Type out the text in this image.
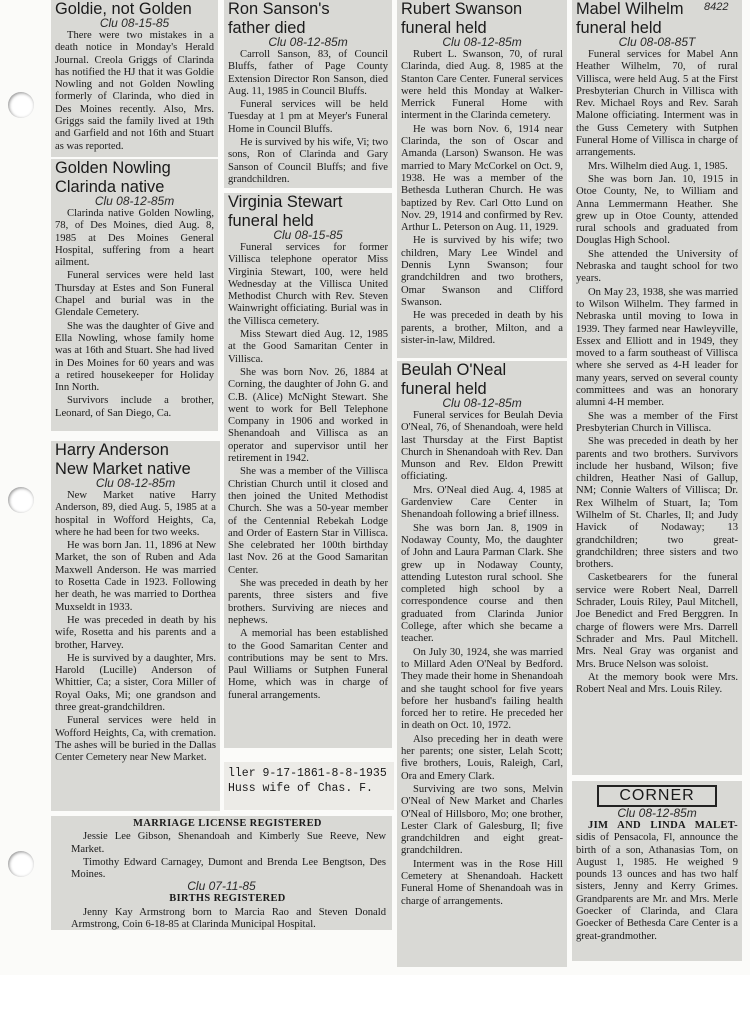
Goldie, not Golden
Clu 08-15-85

There were two mistakes in a death notice in Monday's Herald Journal. Creola Griggs of Clarinda has notified the HJ that it was Goldie Nowling and not Golden Nowling formerly of Clarinda, who died in Des Moines recently. Also, Mrs. Griggs said the family lived at 19th and Garfield and not 16th and Stuart as was reported.

Golden Nowling
Clarinda native
Clu 08-12-85m

Clarinda native Golden Nowling, 78, of Des Moines, died Aug. 8, 1985 at Des Moines General Hospital, suffering from a heart ailment.

Funeral services were held last Thursday at Estes and Son Funeral Chapel and burial was in the Glendale Cemetery.

She was the daughter of Give and Ella Nowling, whose family home was at 16th and Stuart. She had lived in Des Moines for 60 years and was a retired housekeeper for Holiday Inn North.

Survivors include a brother, Leonard, of San Diego, Ca.

Harry Anderson
New Market native
Clu 08-12-85m

New Market native Harry Anderson, 89, died Aug. 5, 1985 at a hospital in Wofford Heights, Ca, where he had been for two weeks.

He was born Jan. 11, 1896 at New Market, the son of Ruben and Ada Maxwell Anderson. He was married to Rosetta Cade in 1923. Following her death, he was married to Dorthea Muxseldt in 1933.

He was preceded in death by his wife, Rosetta and his parents and a brother, Harvey.

He is survived by a daughter, Mrs. Harold (Lucille) Anderson of Whittier, Ca; a sister, Cora Miller of Royal Oaks, Mi; one grandson and three great-grandchildren.

Funeral services were held in Wofford Heights, Ca, with cremation. The ashes will be buried in the Dallas Center Cemetery near New Market.

Ron Sanson's
father died
Clu 08-12-85m

Carroll Sanson, 83, of Council Bluffs, father of Page County Extension Director Ron Sanson, died Aug. 11, 1985 in Council Bluffs.

Funeral services will be held Tuesday at 1 pm at Meyer's Funeral Home in Council Bluffs.

He is survived by his wife, Vi; two sons, Ron of Clarinda and Gary Sanson of Council Bluffs; and five grandchildren.

Virginia Stewart
funeral held
Clu 08-15-85

Funeral services for former Villisca telephone operator Miss Virginia Stewart, 100, were held Wednesday at the Villisca United Methodist Church with Rev. Steven Wainwright officiating. Burial was in the Villisca cemetery.

Miss Stewart died Aug. 12, 1985 at the Good Samaritan Center in Villisca.

She was born Nov. 26, 1884 at Corning, the daughter of John G. and C.B. (Alice) McNight Stewart. She went to work for Bell Telephone Company in 1906 and worked in Shenandoah and Villisca as an operator and supervisor until her retirement in 1942.

She was a member of the Villisca Christian Church until it closed and then joined the United Methodist Church. She was a 50-year member of the Centennial Rebekah Lodge and Order of Eastern Star in Villisca. She celebrated her 100th birthday last Nov. 26 at the Good Samaritan Center.

She was preceded in death by her parents, three sisters and five brothers. Surviving are nieces and nephews.

A memorial has been established to the Good Samaritan Center and contributions may be sent to Mrs. Paul Williams or Sutphen Funeral Home, which was in charge of funeral arrangements.

ller 9-17-1861-8-8-1935
Huss wife of Chas. F.

MARRIAGE LICENSE REGISTERED

Jessie Lee Gibson, Shenandoah and Kimberly Sue Reeve, New Market.

Timothy Edward Carnagey, Dumont and Brenda Lee Bengtson, Des Moines.

Clu 07-11-85

BIRTHS REGISTERED

Jenny Kay Armstrong born to Marcia Rao and Steven Donald Armstrong, Coin 6-18-85 at Clarinda Municipal Hospital.

Rubert Swanson
funeral held
Clu 08-12-85m

Rubert L. Swanson, 70, of rural Clarinda, died Aug. 8, 1985 at the Stanton Care Center. Funeral services were held this Monday at Walker-Merrick Funeral Home with interment in the Clarinda cemetery.

He was born Nov. 6, 1914 near Clarinda, the son of Oscar and Amanda (Larson) Swanson. He was married to Mary McCorkel on Oct. 9, 1938. He was a member of the Bethesda Lutheran Church. He was baptized by Rev. Carl Otto Lund on Nov. 29, 1914 and confirmed by Rev. Arthur L. Peterson on Aug. 11, 1929.

He is survived by his wife; two children, Mary Lee Windel and Dennis Lynn Swanson; four grandchildren and two brothers, Omar Swanson and Clifford Swanson.

He was preceded in death by his parents, a brother, Milton, and a sister-in-law, Mildred.

Beulah O'Neal
funeral held
Clu 08-12-85m

Funeral services for Beulah Devia O'Neal, 76, of Shenandoah, were held last Thursday at the First Baptist Church in Shenandoah with Rev. Dan Munson and Rev. Eldon Prewitt officiating.

Mrs. O'Neal died Aug. 4, 1985 at Gardenview Care Center in Shenandoah following a brief illness.

She was born Jan. 8, 1909 in Nodaway County, Mo, the daughter of John and Laura Parman Clark. She grew up in Nodaway County, attending Luteston rural school. She completed high school by a correspondence course and then graduated from Clarinda Junior College, after which she became a teacher.

On July 30, 1924, she was married to Millard Aden O'Neal by Bedford. They made their home in Shenandoah and she taught school for five years before her husband's failing health forced her to retire. He preceded her in death on Oct. 10, 1972.

Also preceding her in death were her parents; one sister, Lelah Scott; five brothers, Louis, Raleigh, Carl, Ora and Emery Clark.

Surviving are two sons, Melvin O'Neal of New Market and Charles O'Neal of Hillsboro, Mo; one brother, Lester Clark of Galesburg, Il; five grandchildren and eight great-grandchildren.

Interment was in the Rose Hill Cemetery at Shenandoah. Hackett Funeral Home of Shenandoah was in charge of arrangements.

Mabel Wilhelm
funeral held
Clu 08-08-85T

Funeral services for Mabel Ann Heather Wilhelm, 70, of rural Villisca, were held Aug. 5 at the First Presbyterian Church in Villisca with Rev. Michael Roys and Rev. Sarah Malone officiating. Interment was in the Guss Cemetery with Sutphen Funeral Home of Villisca in charge of arrangements.

Mrs. Wilhelm died Aug. 1, 1985.

She was born Jan. 10, 1915 in Otoe County, Ne, to William and Anna Lemmermann Heather. She grew up in Otoe County, attended rural schools and graduated from Douglas High School.

She attended the University of Nebraska and taught school for two years.

On May 23, 1938, she was married to Wilson Wilhelm. They farmed in Nebraska until moving to Iowa in 1939. They farmed near Hawleyville, Essex and Elliott and in 1949, they moved to a farm southeast of Villisca where she served as 4-H leader for many years, served on several county committees and was an honorary alumni 4-H member.

She was a member of the First Presbyterian Church in Villisca.

She was preceded in death by her parents and two brothers. Survivors include her husband, Wilson; five children, Heather Nasi of Gallup, NM; Connie Walters of Villisca; Dr. Rex Wilhelm of Stuart, Ia; Tom Wilhelm of St. Charles, Il; and Judy Havick of Nodaway; 13 grandchildren; two great-grandchildren; three sisters and two brothers.

Casketbearers for the funeral service were Robert Neal, Darrell Schrader, Louis Riley, Paul Mitchell, Joe Benedict and Fred Berggren. In charge of flowers were Mrs. Darrell Schrader and Mrs. Paul Mitchell. Mrs. Neal Gray was organist and Mrs. Bruce Nelson was soloist.

At the memory book were Mrs. Robert Neal and Mrs. Louis Riley.

8422
CORNER
Clu 08-12-85m

JIM AND LINDA MALET- sidis of Pensacola, Fl, announce the birth of a son, Athanasias Tom, on August 1, 1985. He weighed 9 pounds 13 ounces and has two half sisters, Jenny and Kerry Grimes. Grandparents are Mr. and Mrs. Merle Goecker of Clarinda, and Clara Goecker of Bethesda Care Center is a great-grandmother.
